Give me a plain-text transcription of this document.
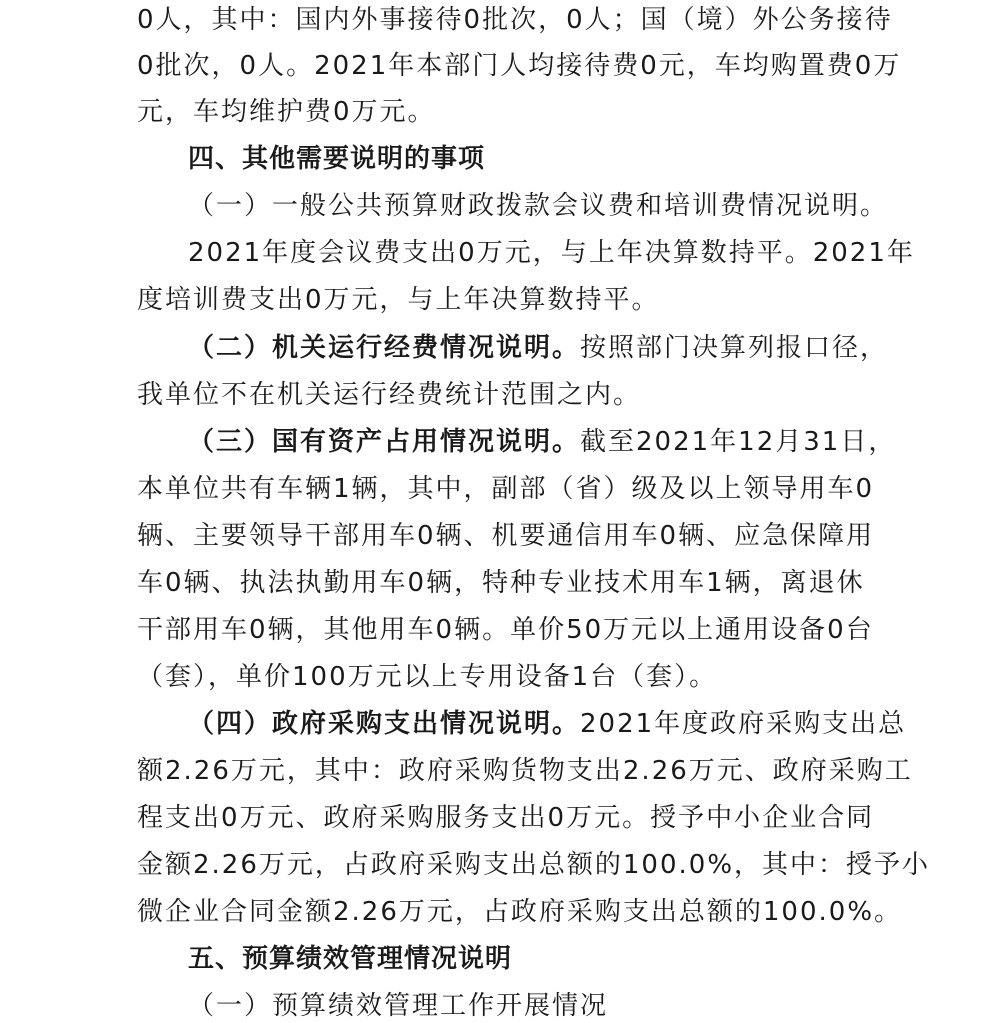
0人，其中：国内外事接待0批次，0人；国（境）外公务接待
0批次，0人。2021年本部门人均接待费0元，车均购置费0万
元，车均维护费0万元。
四、其他需要说明的事项
（一）一般公共预算财政拨款会议费和培训费情况说明。
2021年度会议费支出0万元，与上年决算数持平。2021年
度培训费支出0万元，与上年决算数持平。
（二）机关运行经费情况说明。按照部门决算列报口径，
我单位不在机关运行经费统计范围之内。
（三）国有资产占用情况说明。截至2021年12月31日，
本单位共有车辆1辆，其中，副部（省）级及以上领导用车0
辆、主要领导干部用车0辆、机要通信用车0辆、应急保障用
车0辆、执法执勤用车0辆，特种专业技术用车1辆，离退休
干部用车0辆，其他用车0辆。单价50万元以上通用设备0台
（套），单价100万元以上专用设备1台（套）。
（四）政府采购支出情况说明。2021年度政府采购支出总
额2.26万元，其中：政府采购货物支出2.26万元、政府采购工
程支出0万元、政府采购服务支出0万元。授予中小企业合同
金额2.26万元，占政府采购支出总额的100.0%，其中：授予小
微企业合同金额2.26万元，占政府采购支出总额的100.0%。
五、预算绩效管理情况说明
（一）预算绩效管理工作开展情况
